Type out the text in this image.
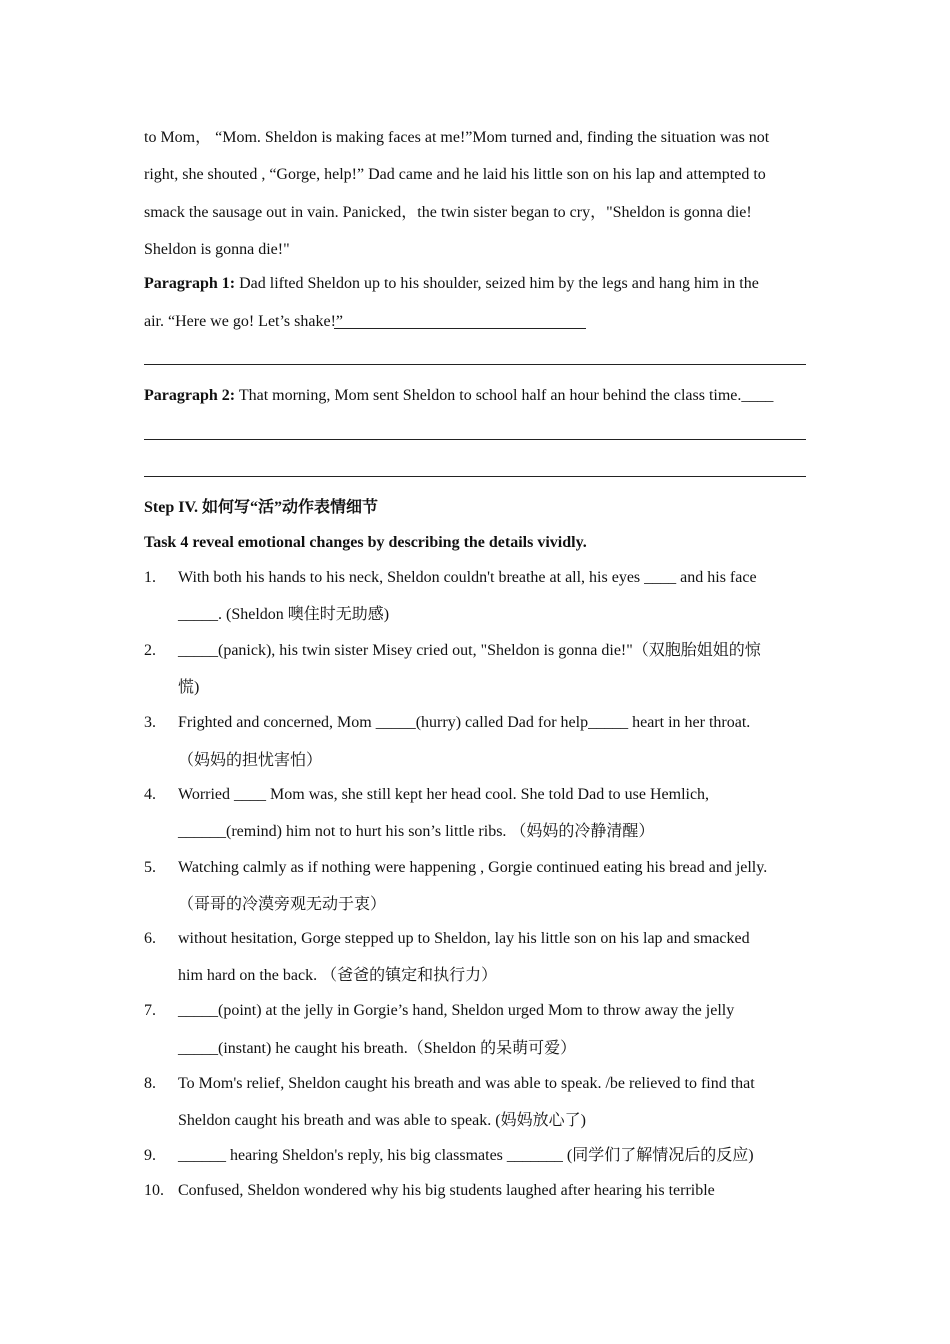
to Mom， “Mom. Sheldon is making faces at me!”Mom turned and, finding the situation was not
right, she shouted , “Gorge, help!” Dad came and he laid his little son on his lap and attempted to
smack the sausage out in vain. Panicked，the twin sister began to cry，"Sheldon is gonna die!
Sheldon is gonna die!"
Paragraph 1: Dad lifted Sheldon up to his shoulder, seized him by the legs and hang him in the
air. “Here we go! Let’s shake!”
Paragraph 2: That morning, Mom sent Sheldon to school half an hour behind the class time.____
Step IV. 如何写“活”动作表情细节
Task 4 reveal emotional changes by describing the details vividly.
1. With both his hands to his neck, Sheldon couldn't breathe at all, his eyes ____ and his face
_____. (Sheldon 噢住时无助感)
2. _____(panick), his twin sister Misey cried out, "Sheldon is gonna die!"（双胞胎姐姐的惊
慌)
3. Frighted and concerned, Mom _____(hurry) called Dad for help_____ heart in her throat.
（妈妈的担忧害怕）
4. Worried ____ Mom was, she still kept her head cool. She told Dad to use Hemlich,
______(remind) him not to hurt his son’s little ribs. （妈妈的冷静清醒）
5. Watching calmly as if nothing were happening , Gorgie continued eating his bread and jelly.
（哥哥的冷漠旁观无动于衷）
6. without hesitation, Gorge stepped up to Sheldon, lay his little son on his lap and smacked
him hard on the back. （爸爸的镇定和执行力）
7. _____(point) at the jelly in Gorgie’s hand, Sheldon urged Mom to throw away the jelly
_____(instant) he caught his breath.（Sheldon 的呆萌可爱）
8. To Mom's relief, Sheldon caught his breath and was able to speak. /be relieved to find that
Sheldon caught his breath and was able to speak. (妈妈放心了)
9. ______ hearing Sheldon's reply, his big classmates _______ (同学们了解情况后的反应)
10. Confused, Sheldon wondered why his big students laughed after hearing his terrible
